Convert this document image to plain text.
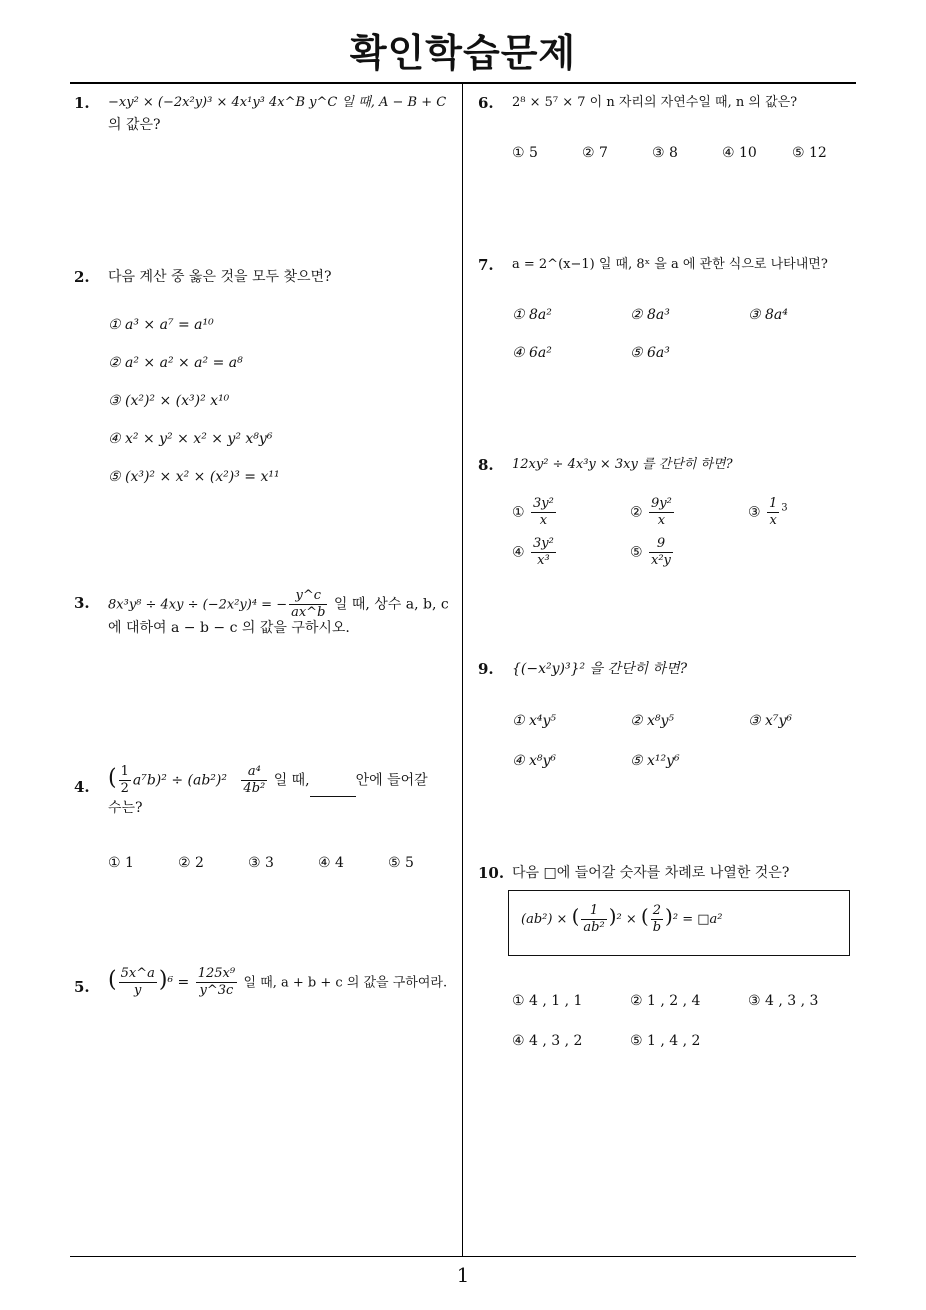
확인학습문제
1
1. −xy² × (−2x²y)³ × 4x¹y³ 4x^B y^C 일 때, A − B + C
의 값은?
2. 다음 계산 중 옳은 것을 모두 찾으면?
① a³ × a⁷ = a¹⁰
② a² × a² × a² = a⁸
③ (x²)² × (x³)² x¹⁰
④ x² × y² × x² × y² x⁸y⁶
⑤ (x³)² × x² × (x²)³ = x¹¹
3. 8x³y⁸ ÷ 4xy ÷ (−2x²y)⁴ = − $\frac{y\^{}c}{ax\^{}b}$ 일 때, 상수 a, b, c
에 대하여 a − b − c 의 값을 구하시오.
4. ( $\frac{1}{2} a^7b)^2 \div (ab^2)^2 \frac{\text{a⁴}}{\text{4b²}}$ 일 때,	안에 들어갈
수는?
① 1	② 2	③ 3	④ 4	⑤ 5
5. ( $\frac{5x\^{}a}{y} )^6 = \frac{\text{125x⁹}}{y\^{}3c}$ 일 때, a + b + c 의 값을 구하여라.
6. 2⁸ × 5⁷ × 7 이 n 자리의 자연수일 때, n 의 값은?
① 5	② 7	③ 8	④ 10	⑤ 12
7. a = 2^(x−1) 일 때, 8ˣ 을 a 에 관한 식으로 나타내면?
① 8a²	② 8a³	③ 8a⁴
④ 6a²	⑤ 6a³
8. 12xy² ÷ 4x³y × 3xy 를 간단히 하면?
① $\frac{\text{3y²}}{x}$	② $\frac{\text{9y²}}{x}$	③ $\frac{1}{x} ^3$
④ $\frac{\text{3y²}}{\text{x³}}$	⑤ $\frac{9}{\text{x²y}}$
9. {(−x²y)³}² 을 간단히 하면?
① x⁴y⁵	② x⁸y⁵	③ x⁷y⁶
④ x⁸y⁶	⑤ x¹²y⁶
10. 다음 □에 들어갈 숫자를 차례로 나열한 것은?
(ab²) × ( $\frac{1}{\text{ab²}} )^2$ × ( $\frac{2}{b} )^2$ = □a²
① 4 , 1 , 1	② 1 , 2 , 4	③ 4 , 3 , 3
④ 4 , 3 , 2	⑤ 1 , 4 , 2
